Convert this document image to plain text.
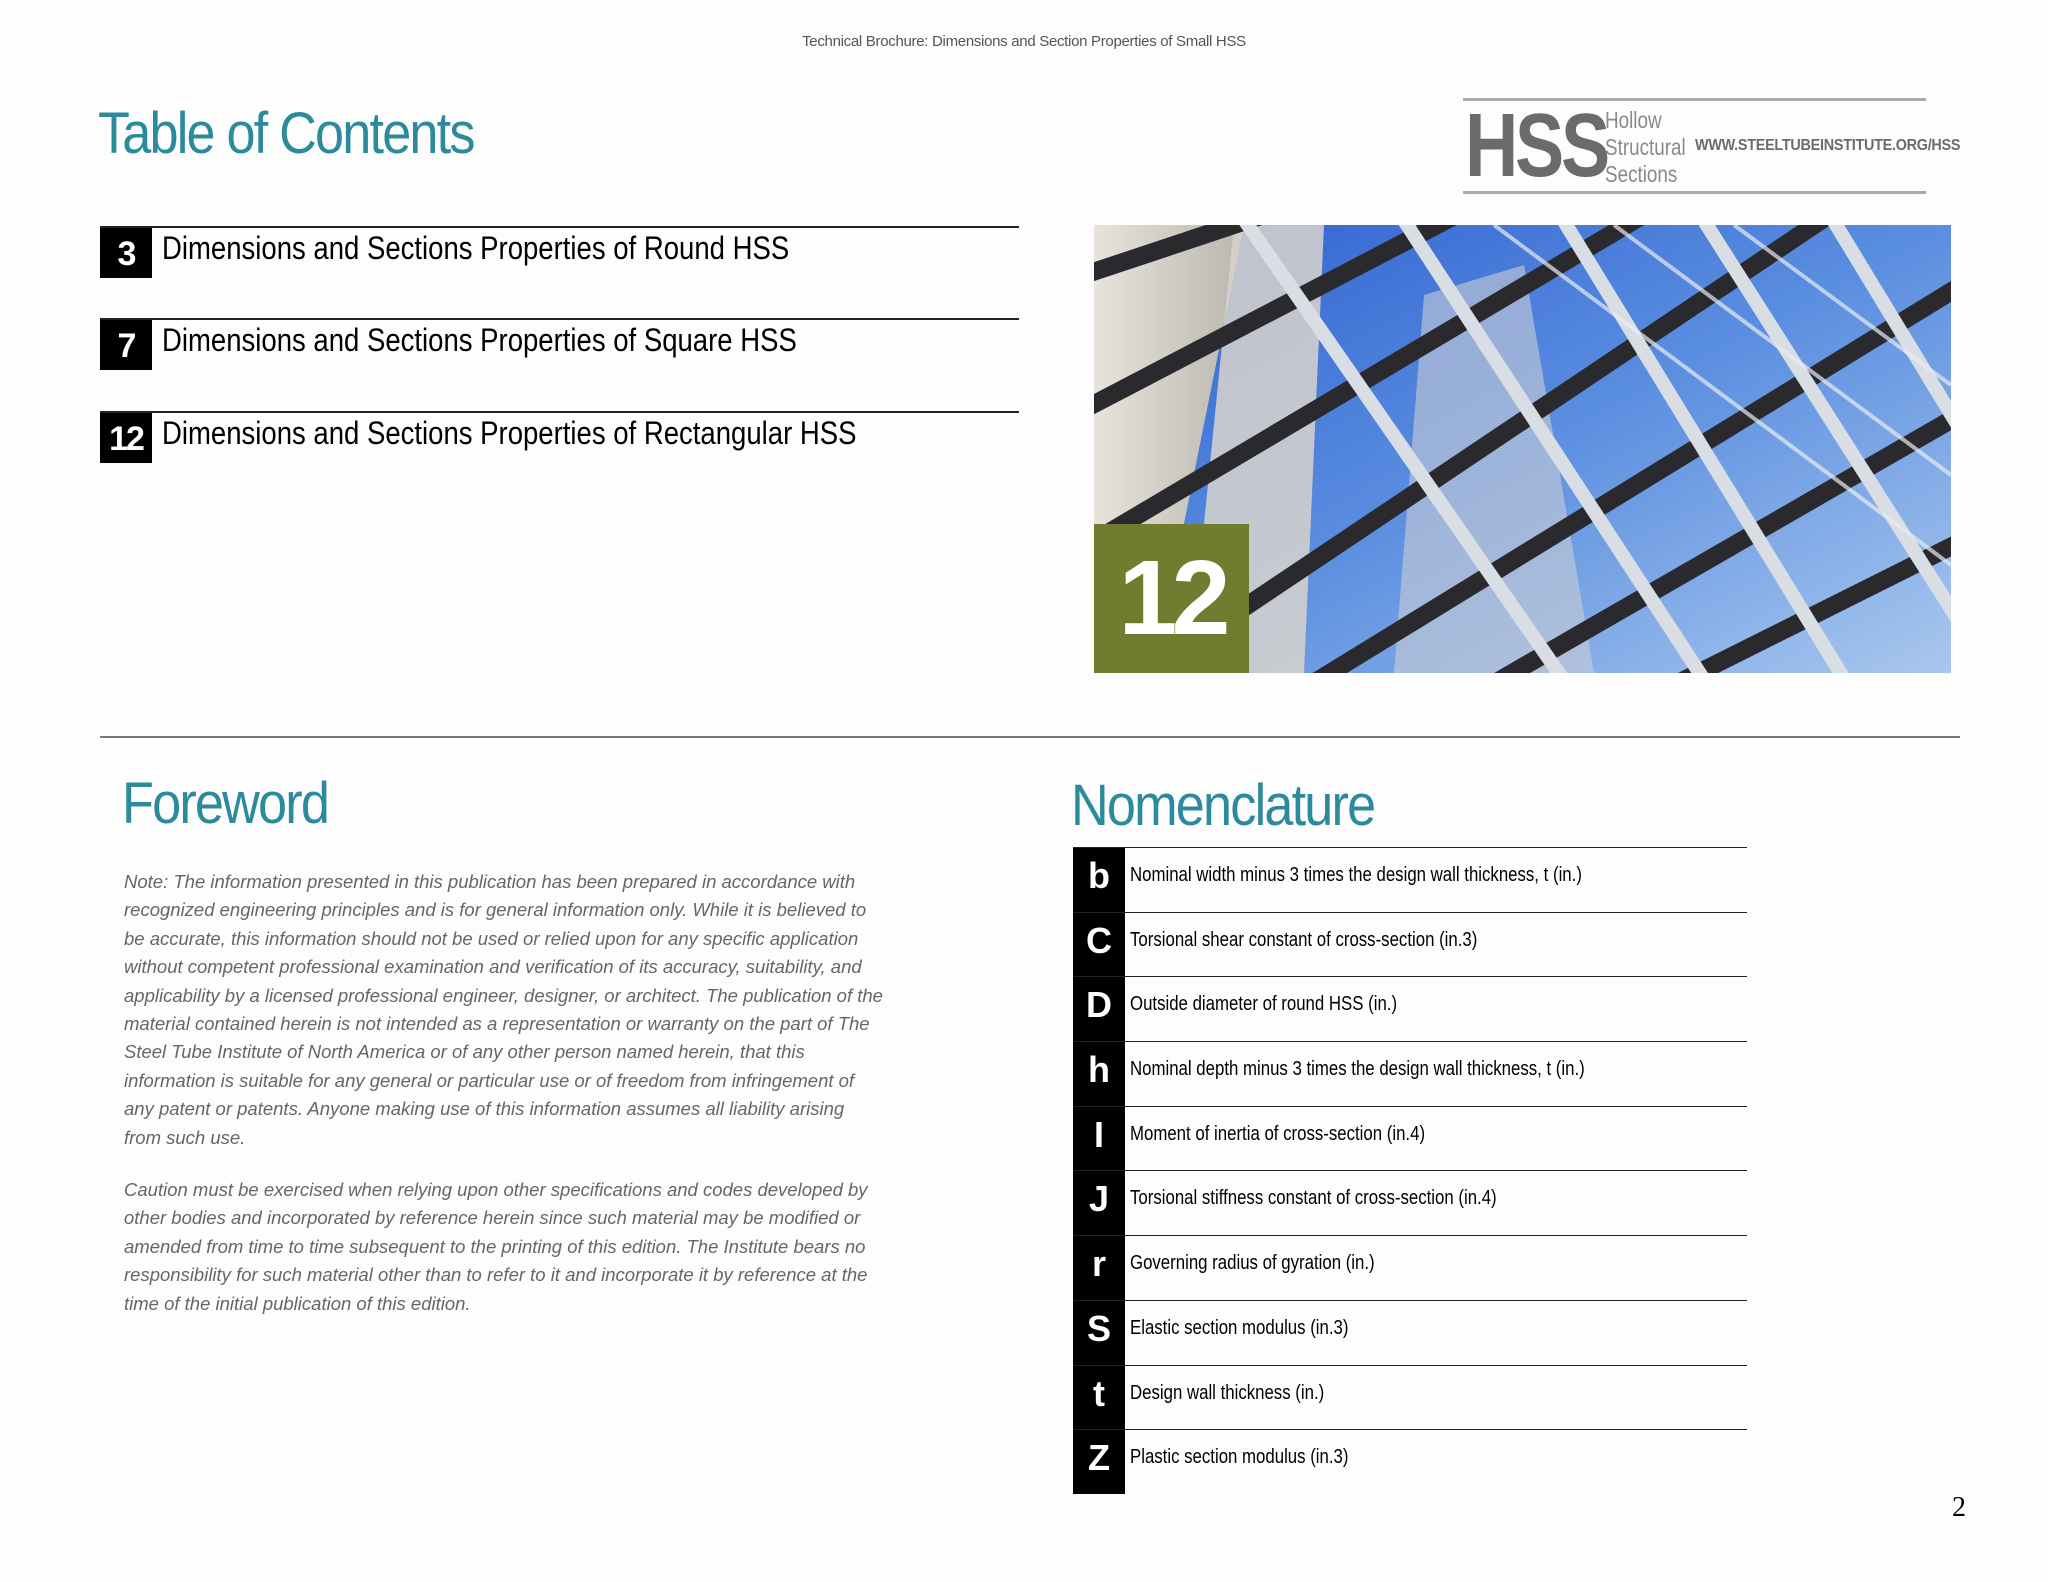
Technical Brochure: Dimensions and Section Properties of Small HSS
Table of Contents	HSS
Hollow
Structural
Sections
WWW.STEELTUBEINSTITUTE.ORG/HSS
3 Dimensions and Sections Properties of Round HSS
7 Dimensions and Sections Properties of Square HSS
12 Dimensions and Sections Properties of Rectangular HSS
12
Foreword

Note: The information presented in this publication has been prepared in accordance with recognized engineering principles and is for general information only. While it is believed to be accurate, this information should not be used or relied upon for any specific application without competent professional examination and verification of its accuracy, suitability, and applicability by a licensed professional engineer, designer, or architect. The publication of the material contained herein is not intended as a representation or warranty on the part of The Steel Tube Institute of North America or of any other person named herein, that this information is suitable for any general or particular use or of freedom from infringement of any patent or patents. Anyone making use of this information assumes all liability arising from such use.

Caution must be exercised when relying upon other specifications and codes developed by other bodies and incorporated by reference herein since such material may be modified or amended from time to time subsequent to the printing of this edition. The Institute bears no responsibility for such material other than to refer to it and incorporate it by reference at the time of the initial publication of this edition.

Nomenclature
b	Nominal width minus 3 times the design wall thickness, t (in.)
C Torsional shear constant of cross-section (in.3)
D Outside diameter of round HSS (in.)
h	Nominal depth minus 3 times the design wall thickness, t (in.)
I	Moment of inertia of cross-section (in.4)
J	Torsional stiffness constant of cross-section (in.4)
r	Governing radius of gyration (in.)
S Elastic section modulus (in.3)
t	Design wall thickness (in.)
Z	Plastic section modulus (in.3)
2
